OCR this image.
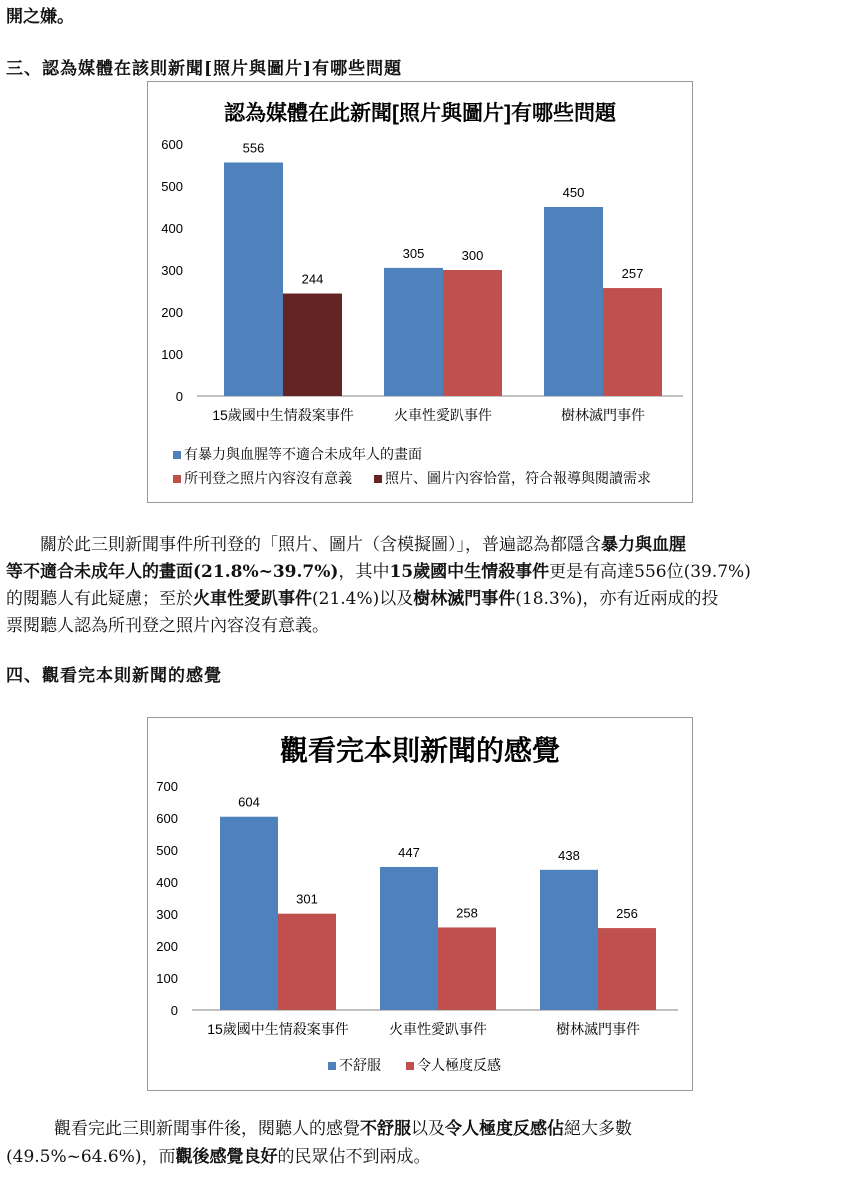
開之嫌。
三、認為媒體在該則新聞[照片與圖片]有哪些問題
認為媒體在此新聞[照片與圖片]有哪些問題
0
100
200
300
400
500
600	556
244
15歲國中生情殺案事件
305	300
火車性愛趴事件
450
257
樹林滅門事件
有暴力與血腥等不適合未成年人的畫面
所刊登之照片內容沒有意義 照片、圖片內容恰當，符合報導與閱讀需求
關於此三則新聞事件所刊登的「照片、圖片（含模擬圖）」，普遍認為都隱含暴力與血腥
等不適合未成年人的畫面(21.8%~39.7%)，其中15歲國中生情殺事件更是有高達556位(39.7%)
的閱聽人有此疑慮；至於火車性愛趴事件(21.4%)以及樹林滅門事件(18.3%)，亦有近兩成的投
票閱聽人認為所刊登之照片內容沒有意義。
四、觀看完本則新聞的感覺
觀看完本則新聞的感覺
0
100
200
300
400
500
600
700
604
301
15歲國中生情殺案事件
447
258
火車性愛趴事件
438
256
樹林滅門事件
不舒服	令人極度反感
觀看完此三則新聞事件後，閱聽人的感覺不舒服以及令人極度反感佔絕大多數
(49.5%~64.6%)，而觀後感覺良好的民眾佔不到兩成。
